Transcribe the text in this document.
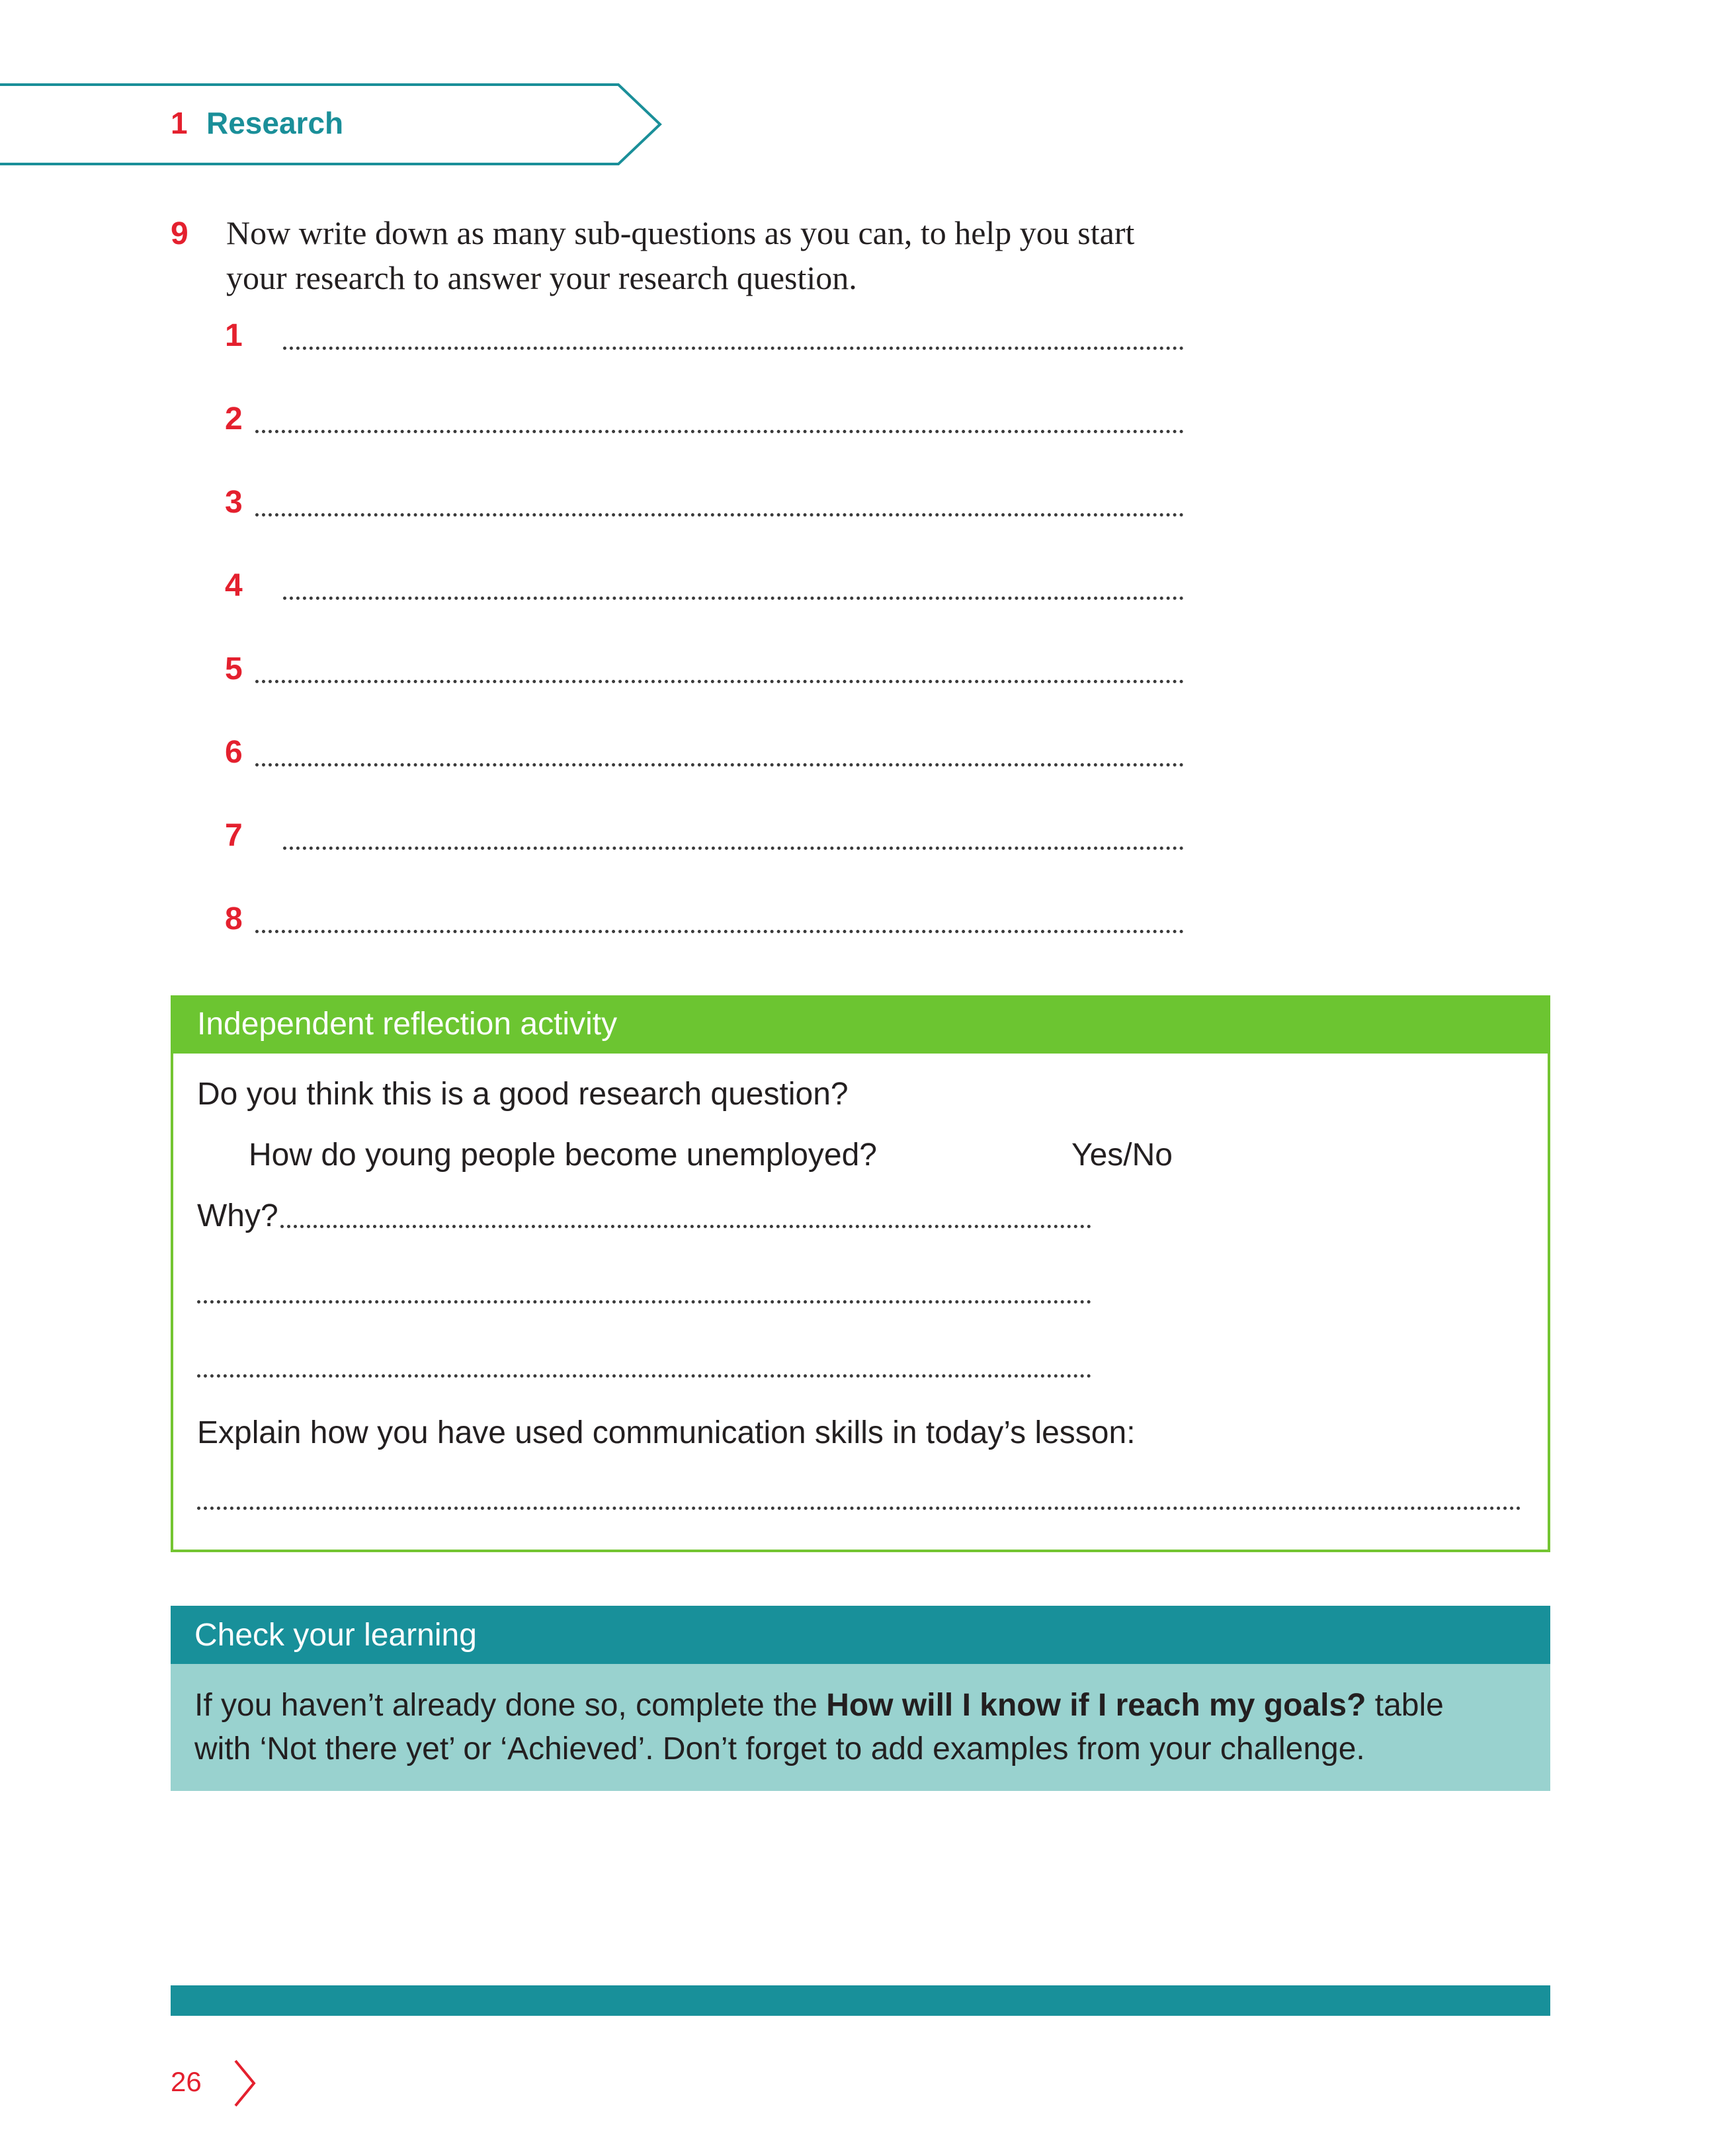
1 Research
9 Now write down as many sub-questions as you can, to help you start
your research to answer your research question.
1
2
3
4
5
6
7
8
Independent reflection activity
Do you think this is a good research question?
How do young people become unemployed?	Yes/No
Why?
Explain how you have used communication skills in today’s lesson:
Check your learning
If you haven’t already done so, complete the How will I know if I reach my goals? table
with ‘Not there yet’ or ‘Achieved’. Don’t forget to add examples from your challenge.
26
